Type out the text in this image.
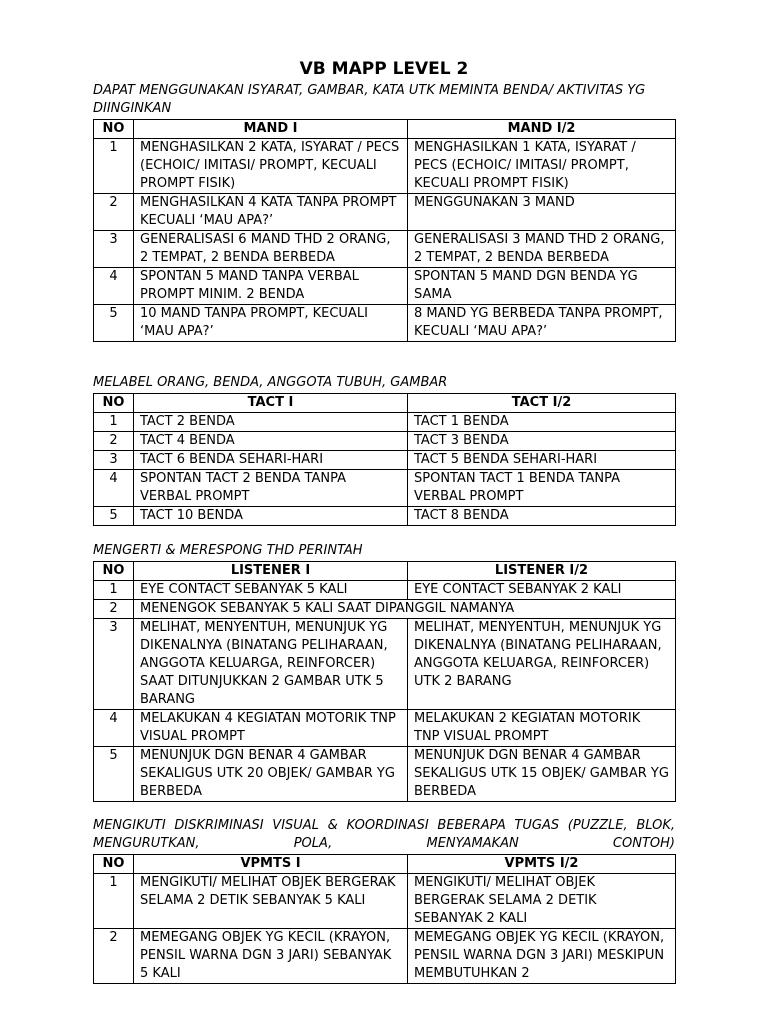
VB MAPP LEVEL 2

DAPAT MENGGUNAKAN ISYARAT, GAMBAR, KATA UTK MEMINTA BENDA/ AKTIVITAS YG DIINGINKAN

NO	MAND I	MAND I/2
1	MENGHASILKAN 2 KATA, ISYARAT / PECS (ECHOIC/ IMITASI/ PROMPT, KECUALI PROMPT FISIK)	MENGHASILKAN 1 KATA, ISYARAT / PECS (ECHOIC/ IMITASI/ PROMPT, KECUALI PROMPT FISIK)
2	MENGHASILKAN 4 KATA TANPA PROMPT KECUALI ‘MAU APA?’	MENGGUNAKAN 3 MAND
3	GENERALISASI 6 MAND THD 2 ORANG, 2 TEMPAT, 2 BENDA BERBEDA	GENERALISASI 3 MAND THD 2 ORANG, 2 TEMPAT, 2 BENDA BERBEDA
4	SPONTAN 5 MAND TANPA VERBAL PROMPT MINIM. 2 BENDA	SPONTAN 5 MAND DGN BENDA YG SAMA
5	10 MAND TANPA PROMPT, KECUALI ‘MAU APA?’	8 MAND YG BERBEDA TANPA PROMPT, KECUALI ‘MAU APA?’

MELABEL ORANG, BENDA, ANGGOTA TUBUH, GAMBAR

NO	TACT I	TACT I/2
1	TACT 2 BENDA	TACT 1 BENDA
2	TACT 4 BENDA	TACT 3 BENDA
3	TACT 6 BENDA SEHARI-HARI	TACT 5 BENDA SEHARI-HARI
4	SPONTAN TACT 2 BENDA TANPA VERBAL PROMPT	SPONTAN TACT 1 BENDA TANPA VERBAL PROMPT
5	TACT 10 BENDA	TACT 8 BENDA

MENGERTI & MERESPONG THD PERINTAH

NO	LISTENER I	LISTENER I/2
1	EYE CONTACT SEBANYAK 5 KALI	EYE CONTACT SEBANYAK 2 KALI
2	MENENGOK SEBANYAK 5 KALI SAAT DIPANGGIL NAMANYA	
3	MELIHAT, MENYENTUH, MENUNJUK YG DIKENALNYA (BINATANG PELIHARAAN, ANGGOTA KELUARGA, REINFORCER) SAAT DITUNJUKKAN 2 GAMBAR UTK 5 BARANG	MELIHAT, MENYENTUH, MENUNJUK YG DIKENALNYA (BINATANG PELIHARAAN, ANGGOTA KELUARGA, REINFORCER) UTK 2 BARANG
4	MELAKUKAN 4 KEGIATAN MOTORIK TNP VISUAL PROMPT	MELAKUKAN 2 KEGIATAN MOTORIK TNP VISUAL PROMPT
5	MENUNJUK DGN BENAR 4 GAMBAR SEKALIGUS UTK 20 OBJEK/ GAMBAR YG BERBEDA	MENUNJUK DGN BENAR 4 GAMBAR SEKALIGUS UTK 15 OBJEK/ GAMBAR YG BERBEDA

MENGIKUTI DISKRIMINASI VISUAL & KOORDINASI BEBERAPA TUGAS (PUZZLE, BLOK, MENGURUTKAN, POLA, MENYAMAKAN CONTOH)

NO	VPMTS I	VPMTS I/2
1	MENGIKUTI/ MELIHAT OBJEK BERGERAK SELAMA 2 DETIK SEBANYAK 5 KALI	MENGIKUTI/ MELIHAT OBJEK BERGERAK SELAMA 2 DETIK SEBANYAK 2 KALI
2	MEMEGANG OBJEK YG KECIL (KRAYON, PENSIL WARNA DGN 3 JARI) SEBANYAK 5 KALI	MEMEGANG OBJEK YG KECIL (KRAYON, PENSIL WARNA DGN 3 JARI) MESKIPUN MEMBUTUHKAN 2
